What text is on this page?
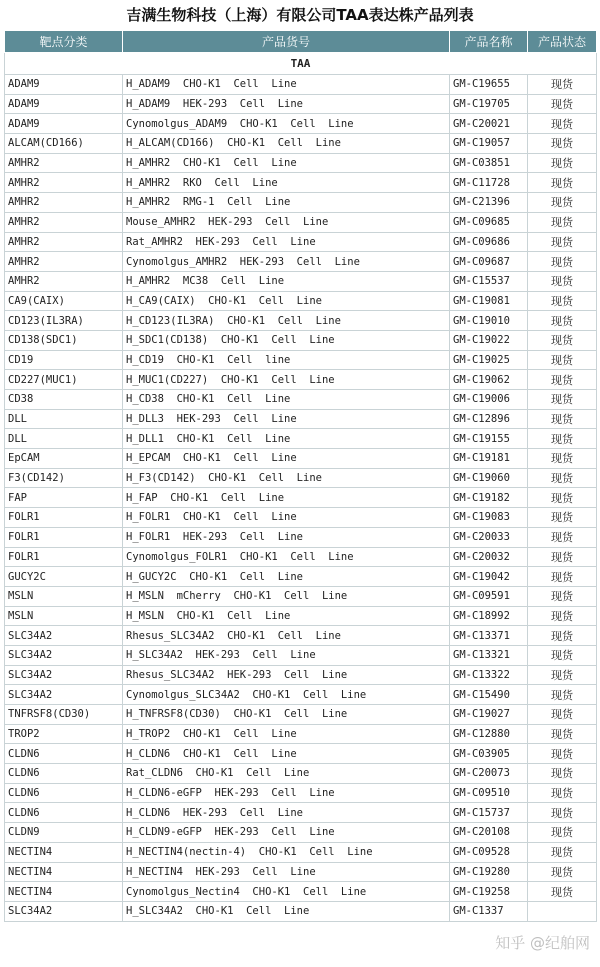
吉满生物科技（上海）有限公司TAA表达株产品列表
靶点分类	产品货号	产品名称	产品状态
TAA			
ADAM9	H_ADAM9  CHO-K1  Cell  Line	GM-C19655	现货
ADAM9	H_ADAM9  HEK-293  Cell  Line	GM-C19705	现货
ADAM9	Cynomolgus_ADAM9  CHO-K1  Cell  Line	GM-C20021	现货
ALCAM(CD166)	H_ALCAM(CD166)  CHO-K1  Cell  Line	GM-C19057	现货
AMHR2	H_AMHR2  CHO-K1  Cell  Line	GM-C03851	现货
AMHR2	H_AMHR2  RKO  Cell  Line	GM-C11728	现货
AMHR2	H_AMHR2  RMG-1  Cell  Line	GM-C21396	现货
AMHR2	Mouse_AMHR2  HEK-293  Cell  Line	GM-C09685	现货
AMHR2	Rat_AMHR2  HEK-293  Cell  Line	GM-C09686	现货
AMHR2	Cynomolgus_AMHR2  HEK-293  Cell  Line	GM-C09687	现货
AMHR2	H_AMHR2  MC38  Cell  Line	GM-C15537	现货
CA9(CAIX)	H_CA9(CAIX)  CHO-K1  Cell  Line	GM-C19081	现货
CD123(IL3RA)	H_CD123(IL3RA)  CHO-K1  Cell  Line	GM-C19010	现货
CD138(SDC1)	H_SDC1(CD138)  CHO-K1  Cell  Line	GM-C19022	现货
CD19	H_CD19  CHO-K1  Cell  line	GM-C19025	现货
CD227(MUC1)	H_MUC1(CD227)  CHO-K1  Cell  Line	GM-C19062	现货
CD38	H_CD38  CHO-K1  Cell  Line	GM-C19006	现货
DLL	H_DLL3  HEK-293  Cell  Line	GM-C12896	现货
DLL	H_DLL1  CHO-K1  Cell  Line	GM-C19155	现货
EpCAM	H_EPCAM  CHO-K1  Cell  Line	GM-C19181	现货
F3(CD142)	H_F3(CD142)  CHO-K1  Cell  Line	GM-C19060	现货
FAP	H_FAP  CHO-K1  Cell  Line	GM-C19182	现货
FOLR1	H_FOLR1  CHO-K1  Cell  Line	GM-C19083	现货
FOLR1	H_FOLR1  HEK-293  Cell  Line	GM-C20033	现货
FOLR1	Cynomolgus_FOLR1  CHO-K1  Cell  Line	GM-C20032	现货
GUCY2C	H_GUCY2C  CHO-K1  Cell  Line	GM-C19042	现货
MSLN	H_MSLN  mCherry  CHO-K1  Cell  Line	GM-C09591	现货
MSLN	H_MSLN  CHO-K1  Cell  Line	GM-C18992	现货
SLC34A2	Rhesus_SLC34A2  CHO-K1  Cell  Line	GM-C13371	现货
SLC34A2	H_SLC34A2  HEK-293  Cell  Line	GM-C13321	现货
SLC34A2	Rhesus_SLC34A2  HEK-293  Cell  Line	GM-C13322	现货
SLC34A2	Cynomolgus_SLC34A2  CHO-K1  Cell  Line	GM-C15490	现货
TNFRSF8(CD30)	H_TNFRSF8(CD30)  CHO-K1  Cell  Line	GM-C19027	现货
TROP2	H_TROP2  CHO-K1  Cell  Line	GM-C12880	现货
CLDN6	H_CLDN6  CHO-K1  Cell  Line	GM-C03905	现货
CLDN6	Rat_CLDN6  CHO-K1  Cell  Line	GM-C20073	现货
CLDN6	H_CLDN6-eGFP  HEK-293  Cell  Line	GM-C09510	现货
CLDN6	H_CLDN6  HEK-293  Cell  Line	GM-C15737	现货
CLDN9	H_CLDN9-eGFP  HEK-293  Cell  Line	GM-C20108	现货
NECTIN4	H_NECTIN4(nectin-4)  CHO-K1  Cell  Line	GM-C09528	现货
NECTIN4	H_NECTIN4  HEK-293  Cell  Line	GM-C19280	现货
NECTIN4	Cynomolgus_Nectin4  CHO-K1  Cell  Line	GM-C19258	现货
SLC34A2	H_SLC34A2  CHO-K1  Cell  Line	GM-C1337	
知乎 @纪舶网
